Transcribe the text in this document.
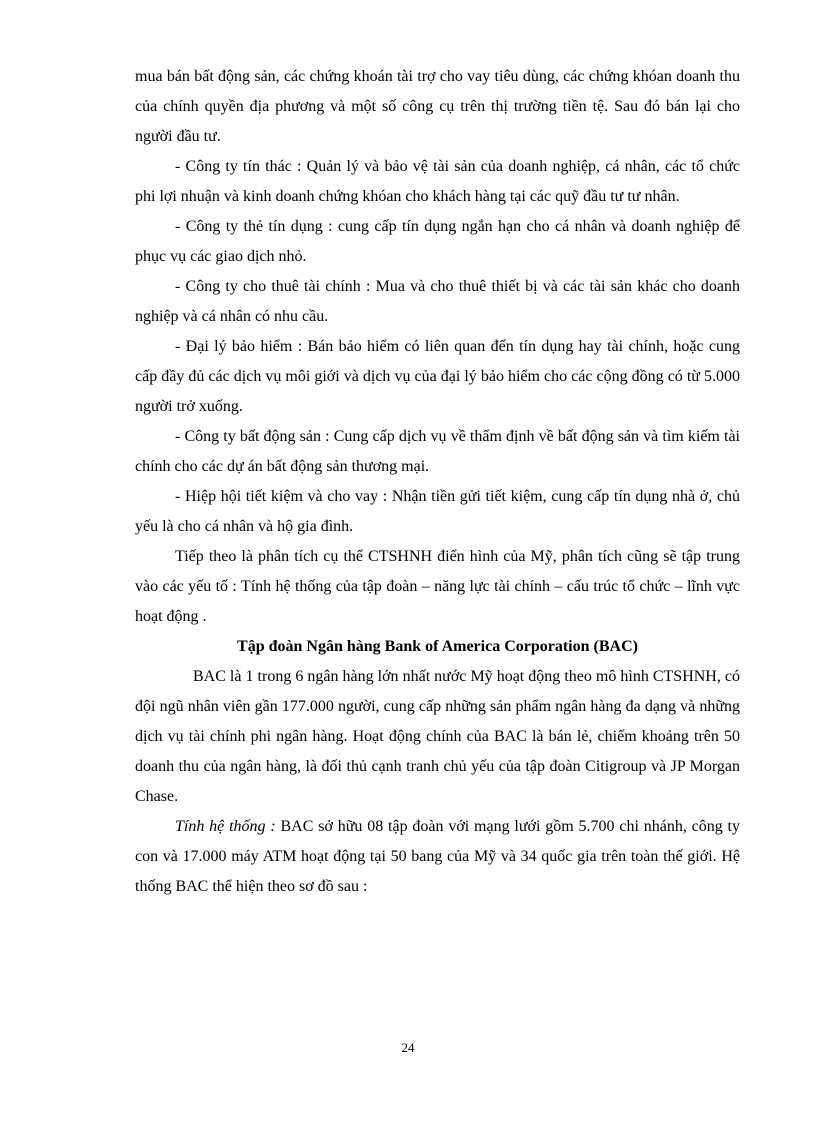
mua bán bất động sản, các chứng khoán tài trợ cho vay tiêu dùng, các chứng khóan doanh thu của chính quyền địa phương và một số công cụ trên thị trường tiền tệ. Sau đó bán lại cho người đầu tư.

- Công ty tín thác : Quản lý và bảo vệ tài sản của doanh nghiệp, cá nhân, các tổ chức phi lợi nhuận và kinh doanh chứng khóan cho khách hàng tại các quỹ đầu tư tư nhân.

- Công ty thẻ tín dụng : cung cấp tín dụng ngắn hạn cho cá nhân và doanh nghiệp để phục vụ các giao dịch nhỏ.

- Công ty cho thuê tài chính : Mua và cho thuê thiết bị và các tài sản khác cho doanh nghiệp và cá nhân có nhu cầu.

- Đại lý bảo hiểm : Bán bảo hiểm có liên quan đến tín dụng hay tài chính, hoặc cung cấp đầy đủ các dịch vụ môi giới và dịch vụ của đại lý bảo hiểm cho các cộng đồng có từ 5.000 người trở xuống.

- Công ty bất động sản : Cung cấp dịch vụ về thẩm định về bất động sản và tìm kiếm tài chính cho các dự án bất động sản thương mại.

- Hiệp hội tiết kiệm và cho vay : Nhận tiền gửi tiết kiệm, cung cấp tín dụng nhà ở, chủ yếu là cho cá nhân và hộ gia đình.

Tiếp theo là phân tích cụ thể CTSHNH điển hình của Mỹ, phân tích cũng sẽ tập trung vào các yếu tố : Tính hệ thống của tập đoàn – năng lực tài chính – cấu trúc tổ chức – lĩnh vực hoạt động .

Tập đoàn Ngân hàng Bank of America Corporation (BAC)

BAC là 1 trong 6 ngân hàng lớn nhất nước Mỹ hoạt động theo mô hình CTSHNH, có đội ngũ nhân viên gần 177.000 người, cung cấp những sản phẩm ngân hàng đa dạng và những dịch vụ tài chính phi ngân hàng. Hoạt động chính của BAC là bán lẻ, chiếm khoảng trên 50 doanh thu của ngân hàng, là đối thủ cạnh tranh chủ yếu của tập đoàn Citigroup và JP Morgan Chase.

Tính hệ thống : BAC sở hữu 08 tập đoàn với mạng lưới gồm 5.700 chi nhánh, công ty con và 17.000 máy ATM hoạt động tại 50 bang của Mỹ và 34 quốc gia trên toàn thế giới. Hệ thống BAC thể hiện theo sơ đồ sau :

24
